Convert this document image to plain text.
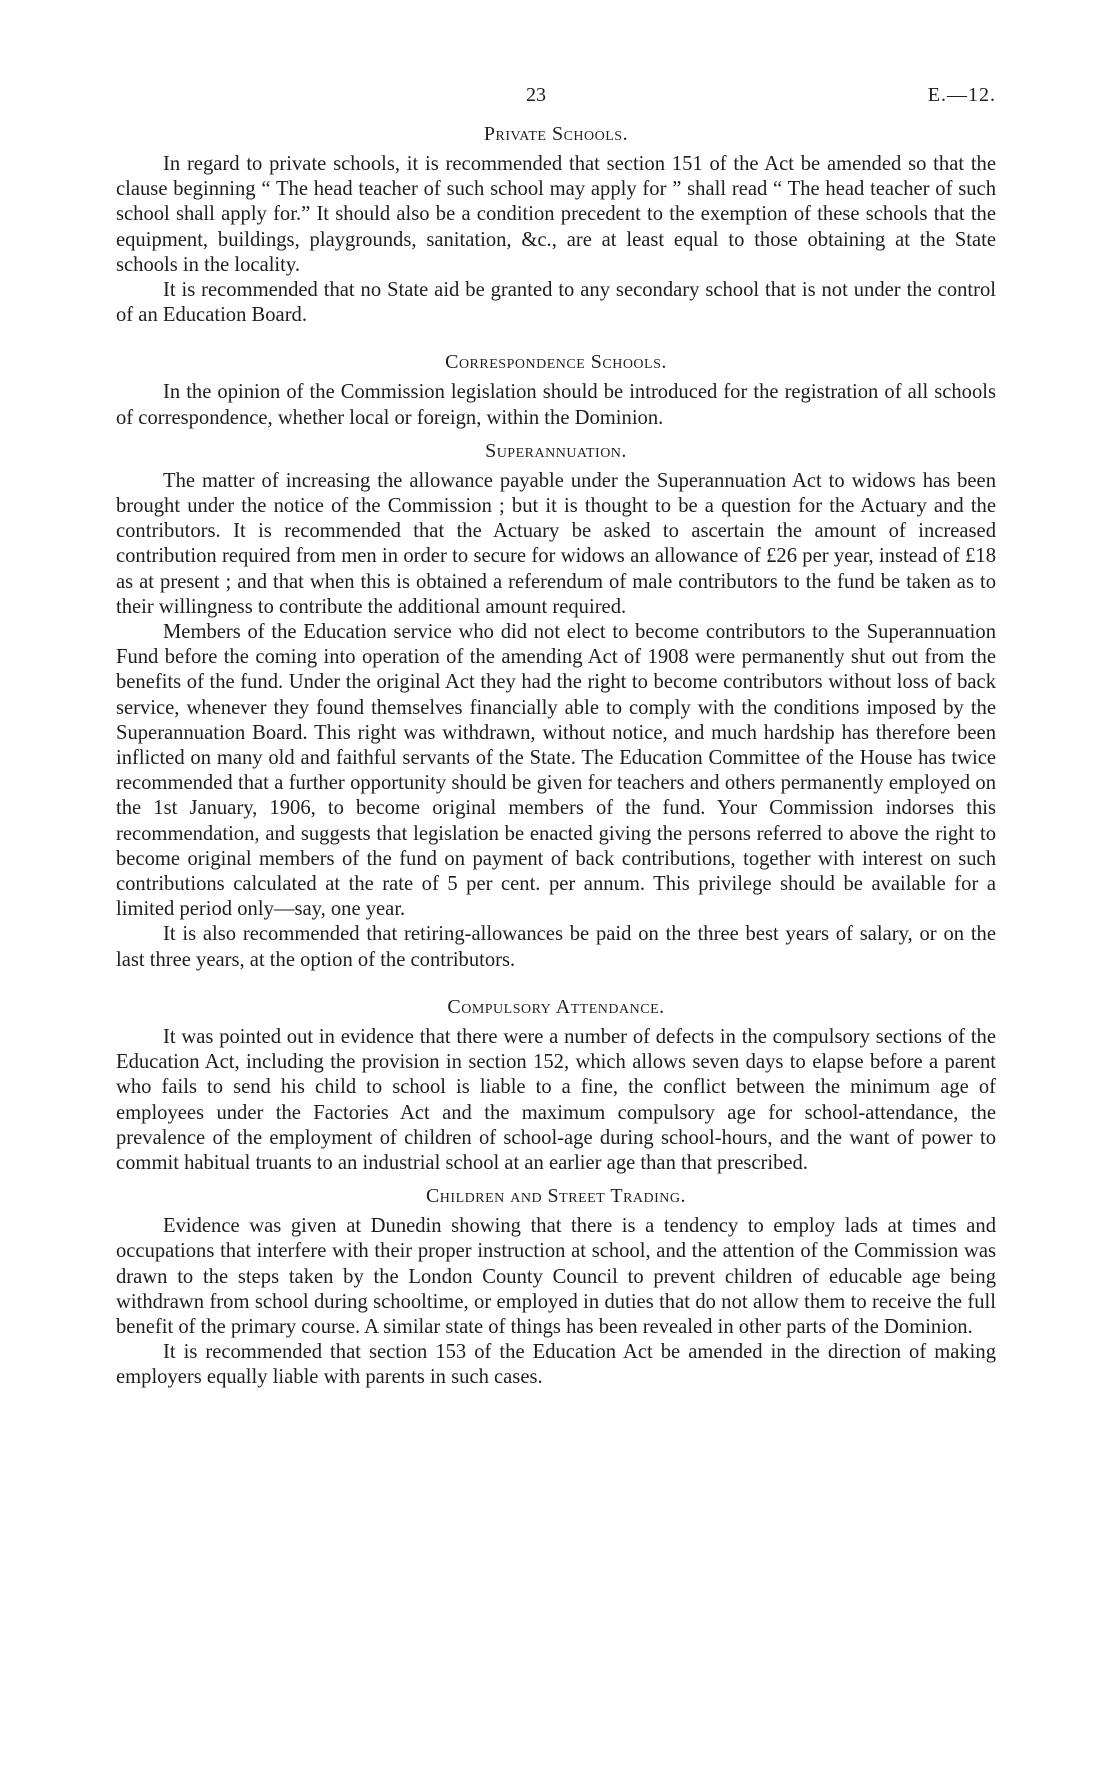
23	E.—12.
Private Schools.

In regard to private schools, it is recommended that section 151 of the Act be amended so that the clause beginning “ The head teacher of such school may apply for ” shall read “ The head teacher of such school shall apply for.” It should also be a condition precedent to the exemption of these schools that the equipment, buildings, playgrounds, sanitation, &c., are at least equal to those obtaining at the State schools in the locality.

It is recommended that no State aid be granted to any secondary school that is not under the control of an Education Board.

Correspondence Schools.

In the opinion of the Commission legislation should be introduced for the registration of all schools of correspondence, whether local or foreign, within the Dominion.

Superannuation.

The matter of increasing the allowance payable under the Superannuation Act to widows has been brought under the notice of the Commission ; but it is thought to be a question for the Actuary and the contributors. It is recommended that the Actuary be asked to ascertain the amount of increased contribution required from men in order to secure for widows an allowance of £26 per year, instead of £18 as at present ; and that when this is obtained a referendum of male contributors to the fund be taken as to their willingness to contribute the additional amount required.

Members of the Education service who did not elect to become contributors to the Superannuation Fund before the coming into operation of the amending Act of 1908 were permanently shut out from the benefits of the fund. Under the original Act they had the right to become contributors without loss of back service, whenever they found themselves financially able to comply with the conditions imposed by the Superannuation Board. This right was withdrawn, without notice, and much hardship has therefore been inflicted on many old and faithful servants of the State. The Education Committee of the House has twice recommended that a further opportunity should be given for teachers and others permanently employed on the 1st January, 1906, to become original members of the fund. Your Commission indorses this recommendation, and suggests that legislation be enacted giving the persons referred to above the right to become original members of the fund on payment of back contributions, together with interest on such contributions calculated at the rate of 5 per cent. per annum. This privilege should be available for a limited period only—say, one year.

It is also recommended that retiring-allowances be paid on the three best years of salary, or on the last three years, at the option of the contributors.

Compulsory Attendance.

It was pointed out in evidence that there were a number of defects in the compulsory sections of the Education Act, including the provision in section 152, which allows seven days to elapse before a parent who fails to send his child to school is liable to a fine, the conflict between the minimum age of employees under the Factories Act and the maximum compulsory age for school-attendance, the prevalence of the employment of children of school-age during school-hours, and the want of power to commit habitual truants to an industrial school at an earlier age than that prescribed.

Children and Street Trading.

Evidence was given at Dunedin showing that there is a tendency to employ lads at times and occupations that interfere with their proper instruction at school, and the attention of the Commission was drawn to the steps taken by the London County Council to prevent children of educable age being withdrawn from school during schooltime, or employed in duties that do not allow them to receive the full benefit of the primary course. A similar state of things has been revealed in other parts of the Dominion.

It is recommended that section 153 of the Education Act be amended in the direction of making employers equally liable with parents in such cases.
